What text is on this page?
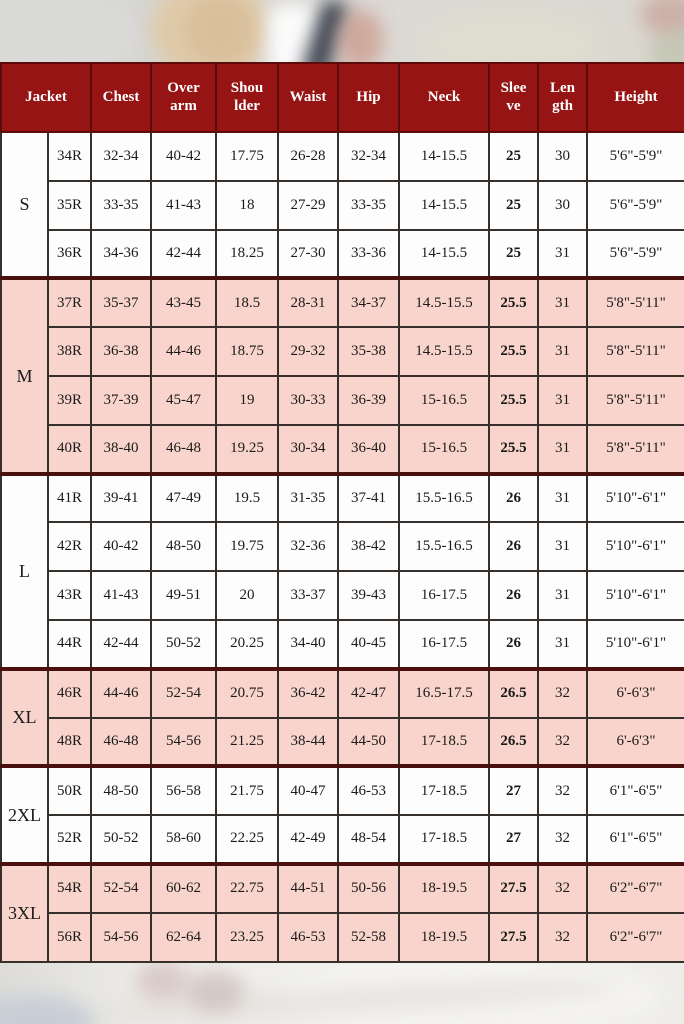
Jacket		Chest	Over arm	Shou lder	Waist	Hip	Neck	Slee ve	Len gth	Height
S	34R	32-34	40-42	17.75	26-28	32-34	14-15.5	25	30	5'6"-5'9"
	35R	33-35	41-43	18	27-29	33-35	14-15.5	25	30	5'6"-5'9"
	36R	34-36	42-44	18.25	27-30	33-36	14-15.5	25	31	5'6"-5'9"
M	37R	35-37	43-45	18.5	28-31	34-37	14.5-15.5	25.5	31	5'8"-5'11"
	38R	36-38	44-46	18.75	29-32	35-38	14.5-15.5	25.5	31	5'8"-5'11"
	39R	37-39	45-47	19	30-33	36-39	15-16.5	25.5	31	5'8"-5'11"
	40R	38-40	46-48	19.25	30-34	36-40	15-16.5	25.5	31	5'8"-5'11"
L	41R	39-41	47-49	19.5	31-35	37-41	15.5-16.5	26	31	5'10"-6'1"
	42R	40-42	48-50	19.75	32-36	38-42	15.5-16.5	26	31	5'10"-6'1"
	43R	41-43	49-51	20	33-37	39-43	16-17.5	26	31	5'10"-6'1"
	44R	42-44	50-52	20.25	34-40	40-45	16-17.5	26	31	5'10"-6'1"
XL	46R	44-46	52-54	20.75	36-42	42-47	16.5-17.5	26.5	32	6'-6'3"
	48R	46-48	54-56	21.25	38-44	44-50	17-18.5	26.5	32	6'-6'3"
2XL	50R	48-50	56-58	21.75	40-47	46-53	17-18.5	27	32	6'1"-6'5"
	52R	50-52	58-60	22.25	42-49	48-54	17-18.5	27	32	6'1"-6'5"
3XL	54R	52-54	60-62	22.75	44-51	50-56	18-19.5	27.5	32	6'2"-6'7"
	56R	54-56	62-64	23.25	46-53	52-58	18-19.5	27.5	32	6'2"-6'7"
